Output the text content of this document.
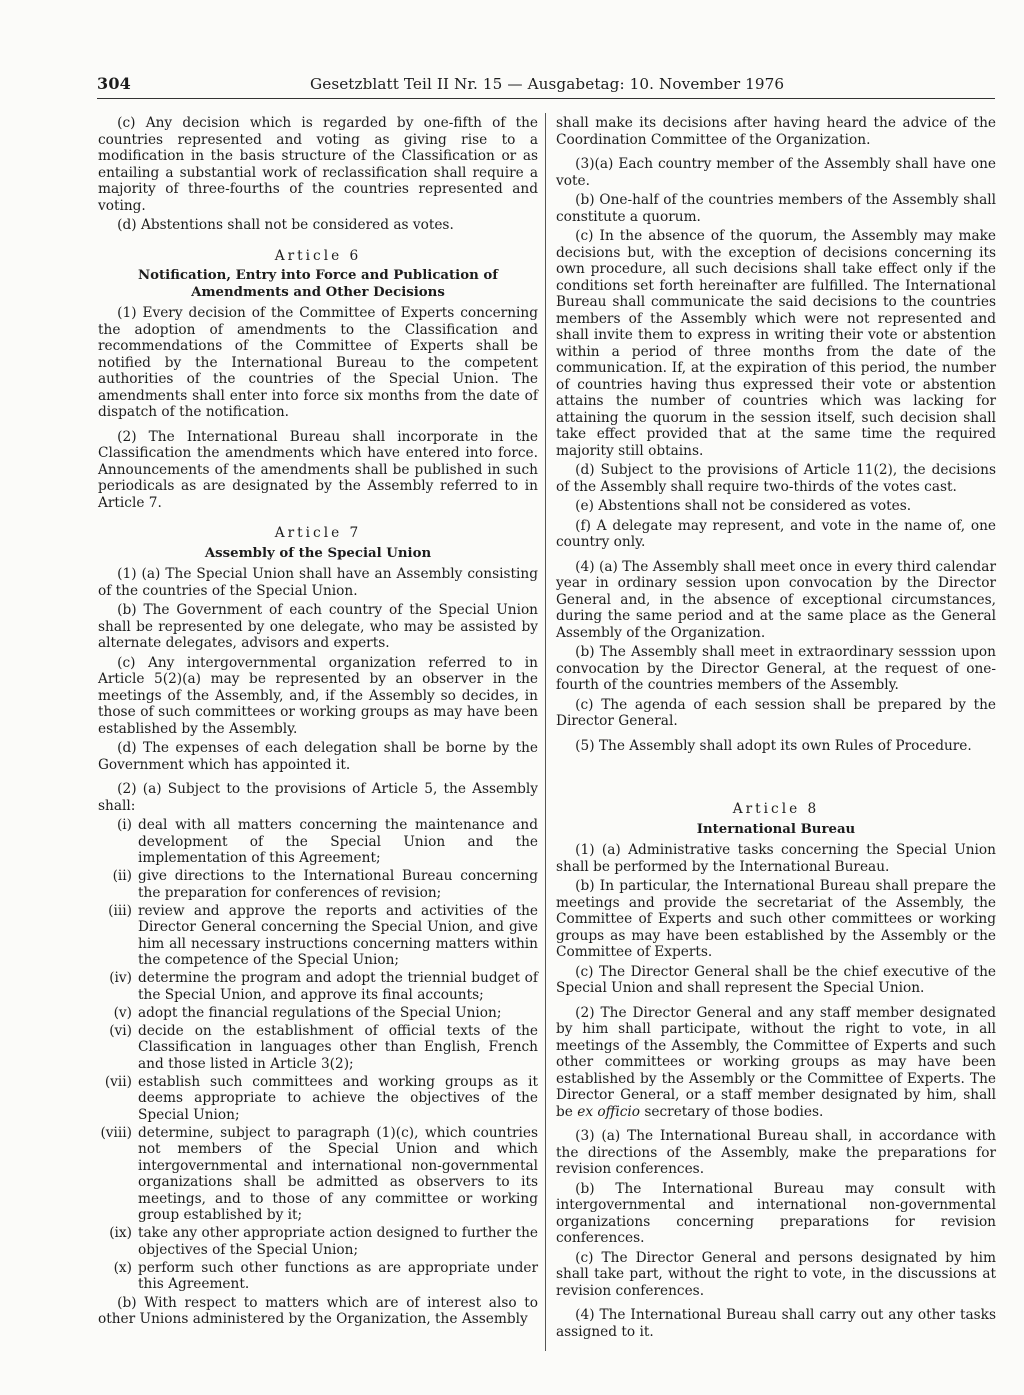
304	Gesetzblatt Teil II Nr. 15 — Ausgabetag: 10. November 1976

(c) Any decision which is regarded by one-fifth of the countries represented and voting as giving rise to a modification in the basis structure of the Classification or as entailing a substantial work of reclassification shall require a majority of three-fourths of the countries represented and voting.

(d) Abstentions shall not be considered as votes.

Article 6
Notification, Entry into Force and Publication of Amendments and Other Decisions

(1) Every decision of the Committee of Experts concerning the adoption of amendments to the Classification and recommendations of the Committee of Experts shall be notified by the International Bureau to the competent authorities of the countries of the Special Union. The amendments shall enter into force six months from the date of dispatch of the notification.

(2) The International Bureau shall incorporate in the Classification the amendments which have entered into force. Announcements of the amendments shall be published in such periodicals as are designated by the Assembly referred to in Article 7.

Article 7
Assembly of the Special Union

(1) (a) The Special Union shall have an Assembly consisting of the countries of the Special Union.

(b) The Government of each country of the Special Union shall be represented by one delegate, who may be assisted by alternate delegates, advisors and experts.

(c) Any intergovernmental organization referred to in Article 5(2)(a) may be represented by an observer in the meetings of the Assembly, and, if the Assembly so decides, in those of such committees or working groups as may have been established by the Assembly.

(d) The expenses of each delegation shall be borne by the Government which has appointed it.

(2) (a) Subject to the provisions of Article 5, the Assembly shall:

(i) deal with all matters concerning the maintenance and development of the Special Union and the implementation of this Agreement;
(ii) give directions to the International Bureau concerning the preparation for conferences of revision;
(iii) review and approve the reports and activities of the Director General concerning the Special Union, and give him all necessary instructions concerning matters within the competence of the Special Union;
(iv) determine the program and adopt the triennial budget of the Special Union, and approve its final accounts;
(v) adopt the financial regulations of the Special Union;
(vi) decide on the establishment of official texts of the Classification in languages other than English, French and those listed in Article 3(2);
(vii) establish such committees and working groups as it deems appropriate to achieve the objectives of the Special Union;
(viii) determine, subject to paragraph (1)(c), which countries not members of the Special Union and which intergovernmental and international non-governmental organizations shall be admitted as observers to its meetings, and to those of any committee or working group established by it;
(ix) take any other appropriate action designed to further the objectives of the Special Union;
(x) perform such other functions as are appropriate under this Agreement.

(b) With respect to matters which are of interest also to other Unions administered by the Organization, the Assembly

shall make its decisions after having heard the advice of the Coordination Committee of the Organization.

(3)(a) Each country member of the Assembly shall have one vote.

(b) One-half of the countries members of the Assembly shall constitute a quorum.

(c) In the absence of the quorum, the Assembly may make decisions but, with the exception of decisions concerning its own procedure, all such decisions shall take effect only if the conditions set forth hereinafter are fulfilled. The International Bureau shall communicate the said decisions to the countries members of the Assembly which were not represented and shall invite them to express in writing their vote or abstention within a period of three months from the date of the communication. If, at the expiration of this period, the number of countries having thus expressed their vote or abstention attains the number of countries which was lacking for attaining the quorum in the session itself, such decision shall take effect provided that at the same time the required majority still obtains.

(d) Subject to the provisions of Article 11(2), the decisions of the Assembly shall require two-thirds of the votes cast.

(e) Abstentions shall not be considered as votes.

(f) A delegate may represent, and vote in the name of, one country only.

(4) (a) The Assembly shall meet once in every third calendar year in ordinary session upon convocation by the Director General and, in the absence of exceptional circumstances, during the same period and at the same place as the General Assembly of the Organization.

(b) The Assembly shall meet in extraordinary sesssion upon convocation by the Director General, at the request of one-fourth of the countries members of the Assembly.

(c) The agenda of each session shall be prepared by the Director General.

(5) The Assembly shall adopt its own Rules of Procedure.

Article 8
International Bureau

(1) (a) Administrative tasks concerning the Special Union shall be performed by the International Bureau.

(b) In particular, the International Bureau shall prepare the meetings and provide the secretariat of the Assembly, the Committee of Experts and such other committees or working groups as may have been established by the Assembly or the Committee of Experts.

(c) The Director General shall be the chief executive of the Special Union and shall represent the Special Union.

(2) The Director General and any staff member designated by him shall participate, without the right to vote, in all meetings of the Assembly, the Committee of Experts and such other committees or working groups as may have been established by the Assembly or the Committee of Experts. The Director General, or a staff member designated by him, shall be ex officio secretary of those bodies.

(3) (a) The International Bureau shall, in accordance with the directions of the Assembly, make the preparations for revision conferences.

(b) The International Bureau may consult with intergovernmental and international non-governmental organizations concerning preparations for revision conferences.

(c) The Director General and persons designated by him shall take part, without the right to vote, in the discussions at revision conferences.

(4) The International Bureau shall carry out any other tasks assigned to it.
